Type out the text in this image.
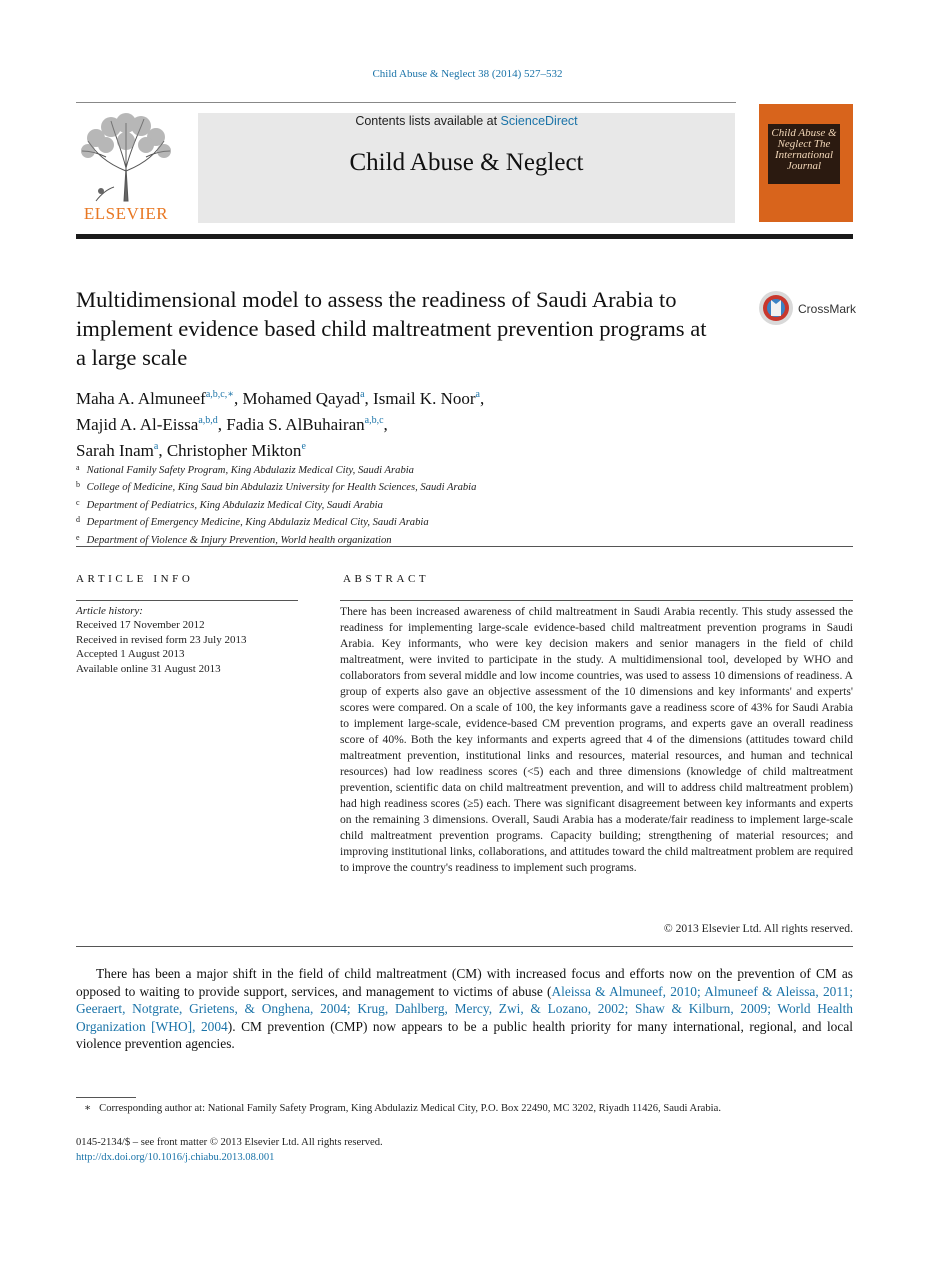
Child Abuse & Neglect 38 (2014) 527–532
ELSEVIER
Contents lists available at ScienceDirect
Child Abuse & Neglect
Child Abuse & Neglect The International Journal
Multidimensional model to assess the readiness of Saudi Arabia to implement evidence based child maltreatment prevention programs at a large scale
CrossMark
Maha A. Almuneef$^{a,b,c,∗}$, Mohamed Qayad$^a$, Ismail K. Noor$^a$,
Majid A. Al-Eissa$^{a,b,d}$, Fadia S. AlBuhairan$^{a,b,c}$,
Sarah Inam$^a$, Christopher Mikton$^e$
a National Family Safety Program, King Abdulaziz Medical City, Saudi Arabia
b College of Medicine, King Saud bin Abdulaziz University for Health Sciences, Saudi Arabia
c Department of Pediatrics, King Abdulaziz Medical City, Saudi Arabia
d Department of Emergency Medicine, King Abdulaziz Medical City, Saudi Arabia
e Department of Violence & Injury Prevention, World health organization
ARTICLE INFO
Article history:
Received 17 November 2012
Received in revised form 23 July 2013
Accepted 1 August 2013
Available online 31 August 2013
ABSTRACT
There has been increased awareness of child maltreatment in Saudi Arabia recently. This study assessed the readiness for implementing large-scale evidence-based child maltreatment prevention programs in Saudi Arabia. Key informants, who were key decision makers and senior managers in the field of child maltreatment, were invited to participate in the study. A multidimensional tool, developed by WHO and collaborators from several middle and low income countries, was used to assess 10 dimensions of readiness. A group of experts also gave an objective assessment of the 10 dimensions and key informants' and experts' scores were compared. On a scale of 100, the key informants gave a readiness score of 43% for Saudi Arabia to implement large-scale, evidence-based CM prevention programs, and experts gave an overall readiness score of 40%. Both the key informants and experts agreed that 4 of the dimensions (attitudes toward child maltreatment prevention, institutional links and resources, material resources, and human and technical resources) had low readiness scores (<5) each and three dimensions (knowledge of child maltreatment prevention, scientific data on child maltreatment prevention, and will to address child maltreatment problem) had high readiness scores (≥5) each. There was significant disagreement between key informants and experts on the remaining 3 dimensions. Overall, Saudi Arabia has a moderate/fair readiness to implement large-scale child maltreatment prevention programs. Capacity building; strengthening of material resources; and improving institutional links, collaborations, and attitudes toward the child maltreatment problem are required to improve the country's readiness to implement such programs.
© 2013 Elsevier Ltd. All rights reserved.
There has been a major shift in the field of child maltreatment (CM) with increased focus and efforts now on the prevention of CM as opposed to waiting to provide support, services, and management to victims of abuse (Aleissa & Almuneef, 2010; Almuneef & Aleissa, 2011; Geeraert, Notgrate, Grietens, & Onghena, 2004; Krug, Dahlberg, Mercy, Zwi, & Lozano, 2002; Shaw & Kilburn, 2009; World Health Organization [WHO], 2004). CM prevention (CMP) now appears to be a public health priority for many international, regional, and local violence prevention agencies.
∗ Corresponding author at: National Family Safety Program, King Abdulaziz Medical City, P.O. Box 22490, MC 3202, Riyadh 11426, Saudi Arabia.
0145-2134/$ – see front matter © 2013 Elsevier Ltd. All rights reserved.
http://dx.doi.org/10.1016/j.chiabu.2013.08.001
